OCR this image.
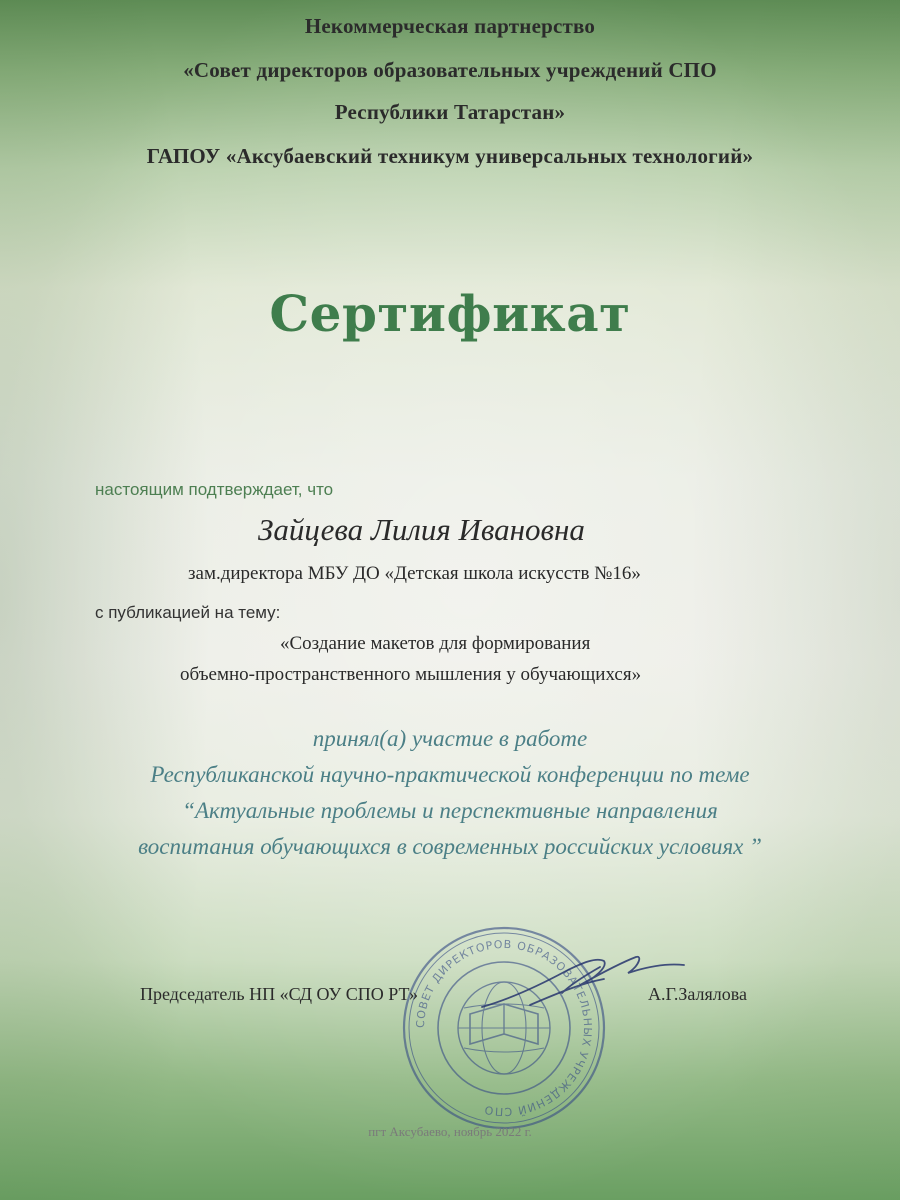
Некоммерческая партнерство
«Совет директоров образовательных учреждений СПО
Республики Татарстан»
ГАПОУ «Аксубаевский техникум универсальных технологий»
Сертификат
настоящим подтверждает, что
Зайцева Лилия Ивановна
зам.директора МБУ ДО «Детская школа искусств №16»
с публикацией на тему:
«Создание макетов для формирования
объемно-пространственного мышления у обучающихся»
принял(а) участие в работе
Республиканской научно-практической конференции по теме
“Актуальные проблемы и перспективные направления
воспитания обучающихся в современных российских условиях ”
СОВЕТ ДИРЕКТОРОВ ОБРАЗОВАТЕЛЬНЫХ УЧРЕЖДЕНИЙ СПО
Председатель НП «СД ОУ СПО РТ»	А.Г.Залялова
пгт Аксубаево, ноябрь 2022 г.
